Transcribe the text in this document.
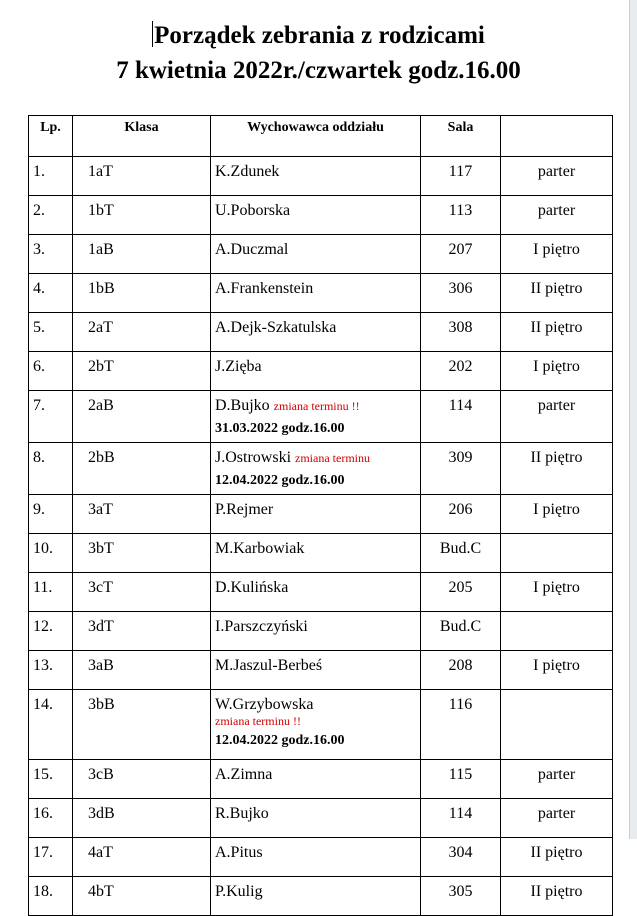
Porządek zebrania z rodzicami
7 kwietnia 2022r./czwartek godz.16.00
Lp.	Klasa	Wychowawca oddziału	Sala	
1.	1aT	K.Zdunek	117	parter
2.	1bT	U.Poborska	113	parter
3.	1aB	A.Duczmal	207	I piętro
4.	1bB	A.Frankenstein	306	II piętro
5.	2aT	A.Dejk-Szkatulska	308	II piętro
6.	2bT	J.Zięba	202	I piętro
7.	2aB	D.Bujko zmiana terminu !!
31.03.2022 godz.16.00	114	parter
8.	2bB	J.Ostrowski zmiana terminu
12.04.2022 godz.16.00	309	II piętro
9.	3aT	P.Rejmer	206	I piętro
10.	3bT	M.Karbowiak	Bud.C	
11.	3cT	D.Kulińska	205	I piętro
12.	3dT	I.Parszczyński	Bud.C	
13.	3aB	M.Jaszul-Berbeś	208	I piętro
14.	3bB	W.Grzybowska
zmiana terminu !!
12.04.2022 godz.16.00	116	
15.	3cB	A.Zimna	115	parter
16.	3dB	R.Bujko	114	parter
17.	4aT	A.Pitus	304	II piętro
18.	4bT	P.Kulig	305	II piętro
